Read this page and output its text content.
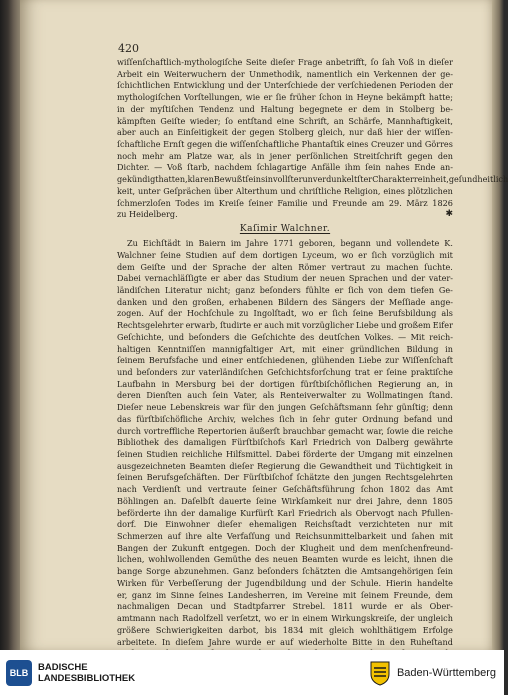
420
wiſſenſchaftlich-mythologiſche Seite dieſer Frage anbetrifft, ſo ſah Voß in dieſer
Arbeit ein Weiterwuchern der Unmethodik, namentlich ein Verkennen der ge-
ſchichtlichen Entwicklung und der Unterſchiede der verſchiedenen Perioden der
mythologiſchen Vorſtellungen, wie er ſie früher ſchon in Heyne bekämpft hatte;
in der myſtiſchen Tendenz und Haltung begegnete er dem in Stolberg be-
kämpften Geiſte wieder; ſo entſtand eine Schrift, an Schärfe, Mannhaftigkeit,
aber auch an Einſeitigkeit der gegen Stolberg gleich, nur daß hier der wiſſen-
ſchaftliche Ernſt gegen die wiſſenſchaftliche Phantaſtik eines Creuzer und Görres
noch mehr am Platze war, als in jener perſönlichen Streitſchrift gegen den
Dichter. — Voß ſtarb, nachdem ſchlagartige Anfälle ihm ſein nahes Ende an-
gekündigt hatten, klaren Bewußtſeins in vollſter unverdunkeltſter Charakterreinheit, geſundheitlich
keit, unter Geſprächen über Alterthum und chriſtliche Religion, eines plötzlichen
ſchmerzloſen Todes im Kreiſe ſeiner Familie und Freunde am 29. März 1826
zu Heidelberg.	✱
Kaſimir Walchner.
Zu Eichſtädt in Baiern im Jahre 1771 geboren, begann und vollendete K.
Walchner ſeine Studien auf dem dortigen Lyceum, wo er ſich vorzüglich mit
dem Geiſte und der Sprache der alten Römer vertraut zu machen ſuchte.
Dabei vernachläſſigte er aber das Studium der neuen Sprachen und der vater-
ländiſchen Literatur nicht; ganz beſonders fühlte er ſich von dem tiefen Ge-
danken und den großen, erhabenen Bildern des Sängers der Meſſiade ange-
zogen. Auf der Hochſchule zu Ingolſtadt, wo er ſich ſeine Berufsbildung als
Rechtsgelehrter erwarb, ſtudirte er auch mit vorzüglicher Liebe und großem Eifer
Geſchichte, und beſonders die Geſchichte des deutſchen Volkes. — Mit reich-
haltigen Kenntniſſen mannigfaltiger Art, mit einer gründlichen Bildung in
ſeinem Berufsfache und einer entſchiedenen, glühenden Liebe zur Wiſſenſchaft
und beſonders zur vaterländiſchen Geſchichtsforſchung trat er ſeine praktiſche
Laufbahn in Mersburg bei der dortigen fürſtbiſchöflichen Regierung an, in
deren Dienſten auch ſein Vater, als Renteiverwalter zu Wollmatingen ſtand.
Dieſer neue Lebenskreis war für den jungen Geſchäftsmann ſehr günſtig; denn
das fürſtbiſchöfliche Archiv, welches ſich in ſehr guter Ordnung befand und
durch vortreffliche Repertorien äußerſt brauchbar gemacht war, ſowie die reiche
Bibliothek des damaligen Fürſtbiſchofs Karl Friedrich von Dalberg gewährte
ſeinen Studien reichliche Hilfsmittel. Dabei förderte der Umgang mit einzelnen
ausgezeichneten Beamten dieſer Regierung die Gewandtheit und Tüchtigkeit in
ſeinen Berufsgeſchäften. Der Fürſtbiſchof ſchätzte den jungen Rechtsgelehrten
nach Verdienſt und vertraute ſeiner Geſchäftsführung ſchon 1802 das Amt
Böhlingen an. Daſelbſt dauerte ſeine Wirkſamkeit nur drei Jahre, denn 1805
beförderte ihn der damalige Kurfürſt Karl Friedrich als Obervogt nach Pfullen-
dorf. Die Einwohner dieſer ehemaligen Reichsſtadt verzichteten nur mit
Schmerzen auf ihre alte Verfaſſung und Reichsunmittelbarkeit und ſahen mit
Bangen der Zukunft entgegen. Doch der Klugheit und dem menſchenfreund-
lichen, wohlwollenden Gemüthe des neuen Beamten wurde es leicht, ihnen die
bange Sorge abzunehmen. Ganz beſonders ſchätzten die Amtsangehörigen ſein
Wirken für Verbeſſerung der Jugendbildung und der Schule. Hierin handelte
er, ganz im Sinne ſeines Landesherren, im Vereine mit ſeinem Freunde, dem
nachmaligen Decan und Stadtpfarrer Strebel. 1811 wurde er als Ober-
amtmann nach Radolfzell verſetzt, wo er in einem Wirkungskreiſe, der ungleich
größere Schwierigkeiten darbot, bis 1834 mit gleich wohlthätigem Erfolge
arbeitete. In dieſem Jahre wurde er auf wiederholte Bitte in den Ruheſtand
BLB	BADISCHE
LANDESBIBLIOTHEK	Baden-Württemberg
